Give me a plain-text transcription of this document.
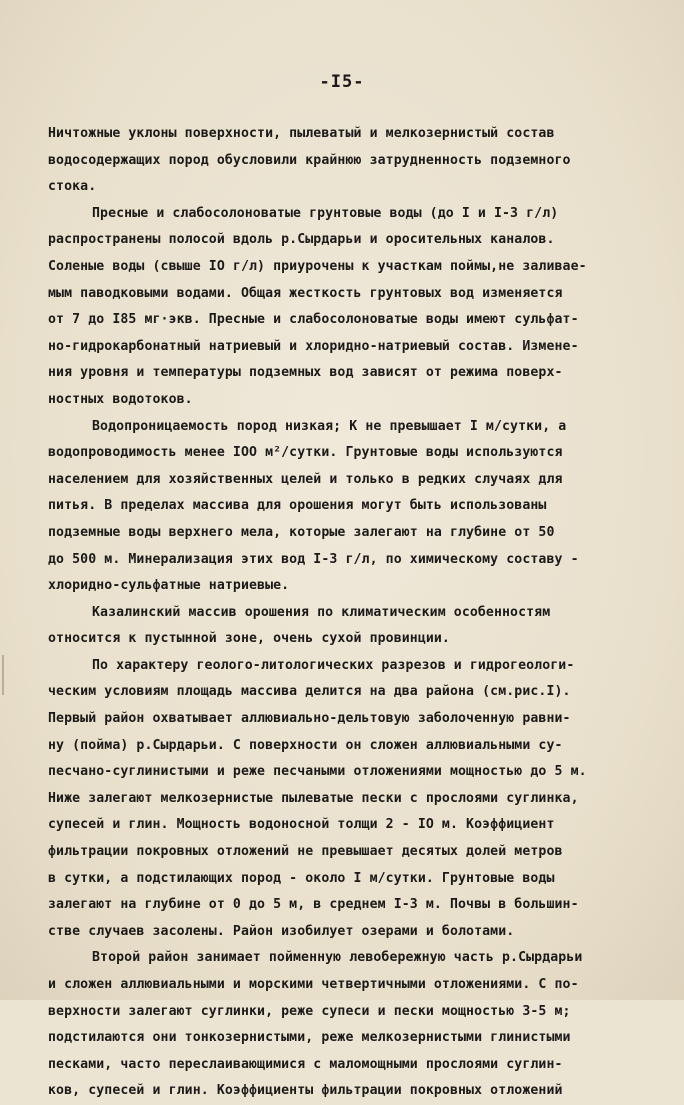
-I5-
Ничтожные уклоны поверхности, пылеватый и мелкозернистый состав
водосодержащих пород обусловили крайнюю затрудненность подземного
стока.
Пресные и слабосолоноватые грунтовые воды (до I и I-3 г/л)
распространены полосой вдоль р.Сырдарьи и оросительных каналов.
Соленые воды (свыше IO г/л) приурочены к участкам поймы,не заливае-
мым паводковыми водами. Общая жесткость грунтовых вод изменяется
от 7 до I85 мг·экв. Пресные и слабосолоноватые воды имеют сульфат-
но-гидрокарбонатный натриевый и хлоридно-натриевый состав. Измене-
ния уровня и температуры подземных вод зависят от режима поверх-
ностных водотоков.
Водопроницаемость пород низкая; К не превышает I м/сутки, а
водопроводимость менее IOO м²/сутки. Грунтовые воды используются
населением для хозяйственных целей и только в редких случаях для
питья. В пределах массива для орошения могут быть использованы
подземные воды верхнего мела, которые залегают на глубине от 50
до 500 м. Минерализация этих вод I-3 г/л, по химическому составу -
хлоридно-сульфатные натриевые.
Казалинский массив орошения по климатическим особенностям
относится к пустынной зоне, очень сухой провинции.
По характеру геолого-литологических разрезов и гидрогеологи-
ческим условиям площадь массива делится на два района (см.рис.I).
Первый район охватывает аллювиально-дельтовую заболоченную равни-
ну (пойма) р.Сырдарьи. С поверхности он сложен аллювиальными су-
песчано-суглинистыми и реже песчаными отложениями мощностью до 5 м.
Ниже залегают мелкозернистые пылеватые пески с прослоями суглинка,
супесей и глин. Мощность водоносной толщи 2 - IO м. Коэффициент
фильтрации покровных отложений не превышает десятых долей метров
в сутки, а подстилающих пород - около I м/сутки. Грунтовые воды
залегают на глубине от 0 до 5 м, в среднем I-3 м. Почвы в большин-
стве случаев засолены. Район изобилует озерами и болотами.
Второй район занимает пойменную левобережную часть р.Сырдарьи
и сложен аллювиальными и морскими четвертичными отложениями. С по-
верхности залегают суглинки, реже супеси и пески мощностью 3-5 м;
подстилаются они тонкозернистыми, реже мелкозернистыми глинистыми
песками, часто переслаивающимися с маломощными прослоями суглин-
ков, супесей и глин. Коэффициенты фильтрации покровных отложений
